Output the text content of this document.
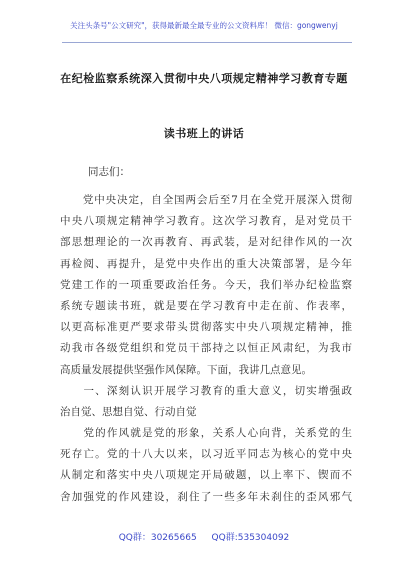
关注头条号"公文研究"，获得最新最全最专业的公文资料库！ 微信：gongwenyj
在纪检监察系统深入贯彻中央八项规定精神学习教育专题
读书班上的讲话
同志们：
　　党中央决定，自全国两会后至7月在全党开展深入贯彻
中央八项规定精神学习教育。这次学习教育，是对党员干
部思想理论的一次再教育、再武装，是对纪律作风的一次
再检阅、再提升，是党中央作出的重大决策部署，是今年
党建工作的一项重要政治任务。今天，我们举办纪检监察
系统专题读书班，就是要在学习教育中走在前、作表率，
以更高标准更严要求带头贯彻落实中央八项规定精神，推
动我市各级党组织和党员干部持之以恒正风肃纪，为我市
高质量发展提供坚强作风保障。下面，我讲几点意见。
　　一、深刻认识开展学习教育的重大意义，切实增强政
治自觉、思想自觉、行动自觉
　　党的作风就是党的形象，关系人心向背，关系党的生
死存亡。党的十八大以来，以习近平同志为核心的党中央
从制定和落实中央八项规定开局破题，以上率下、锲而不
舍加强党的作风建设，刹住了一些多年未刹住的歪风邪气
QQ群：30265665 QQ群:535304092
